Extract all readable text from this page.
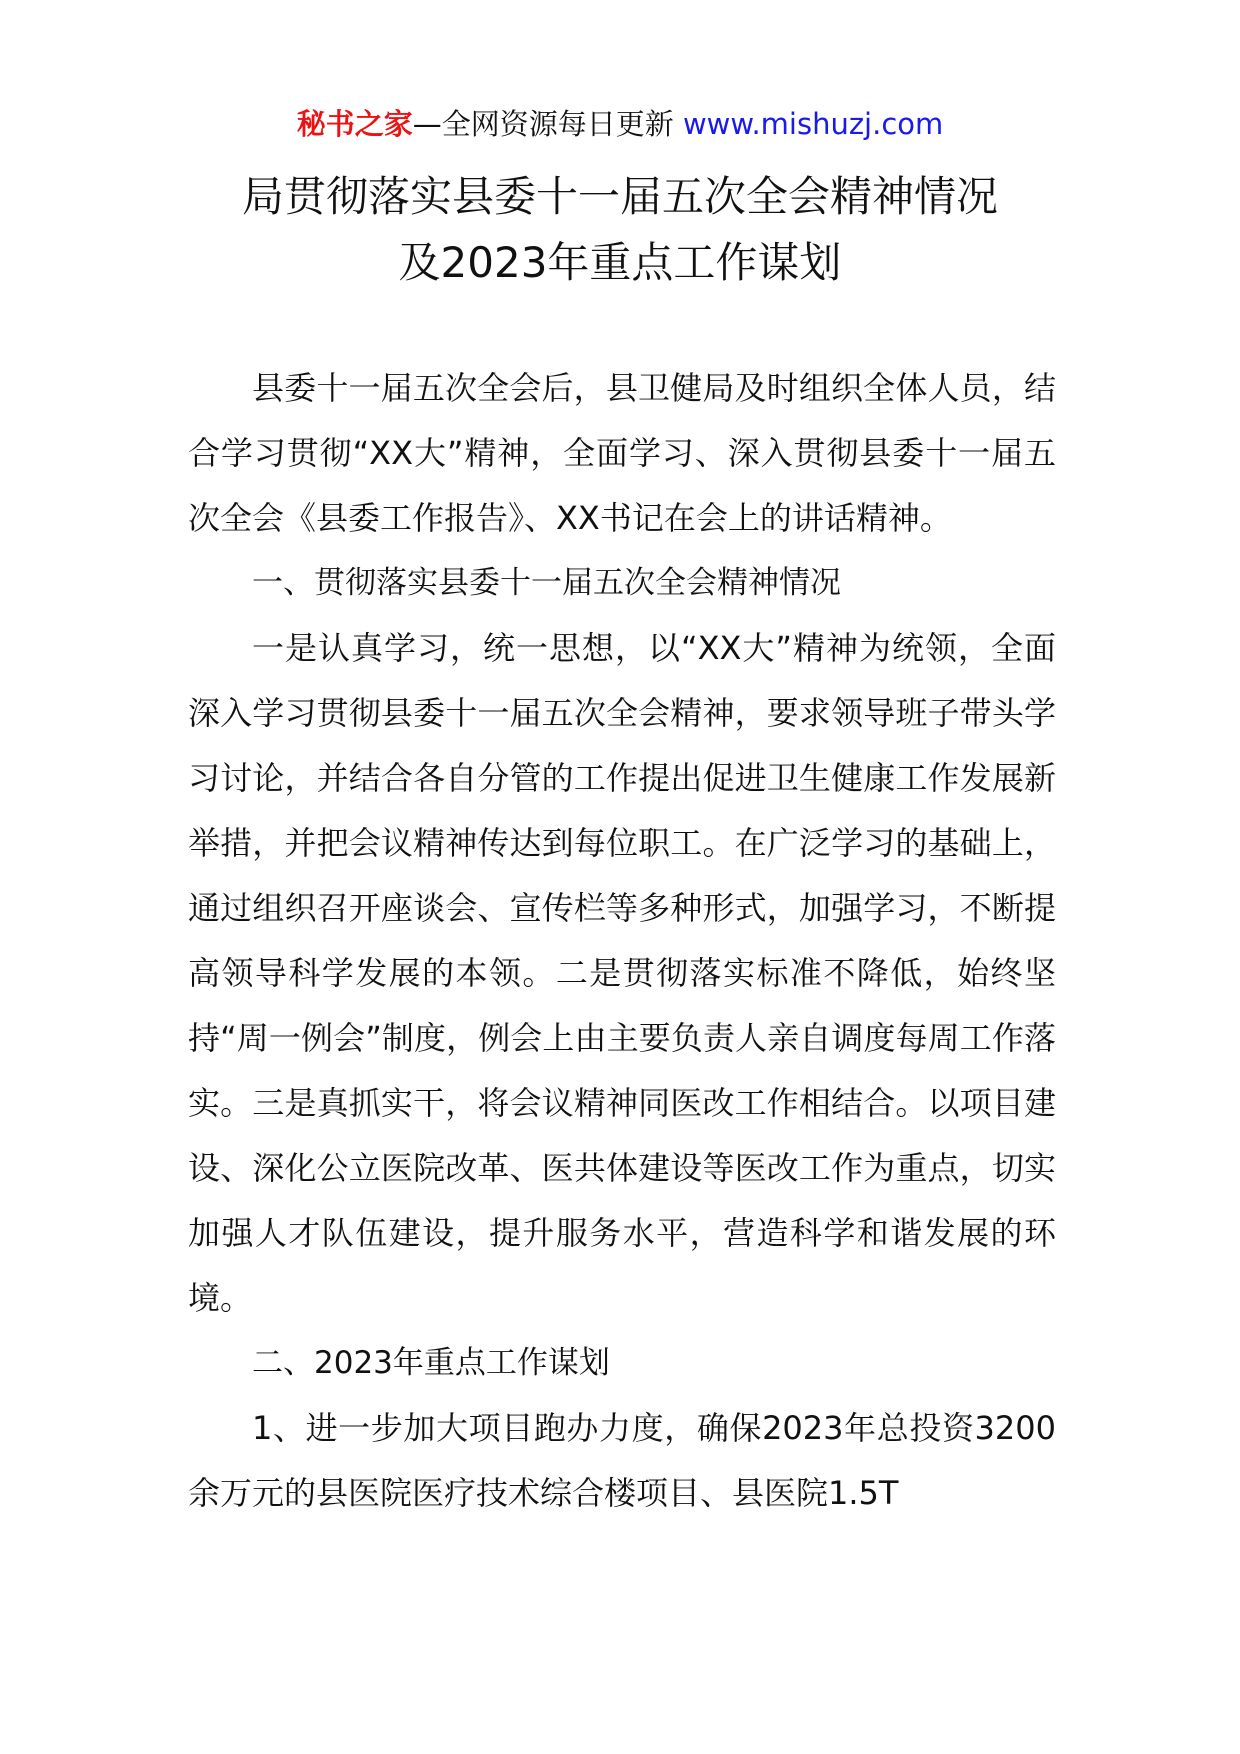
秘书之家—全网资源每日更新 www.mishuzj.com
局贯彻落实县委十一届五次全会精神情况
及2023年重点工作谋划

县委十一届五次全会后，县卫健局及时组织全体人员，结合学习贯彻“XX大”精神，全面学习、深入贯彻县委十一届五次全会《县委工作报告》、XX书记在会上的讲话精神。

一、贯彻落实县委十一届五次全会精神情况

一是认真学习，统一思想，以“XX大”精神为统领，全面深入学习贯彻县委十一届五次全会精神，要求领导班子带头学习讨论，并结合各自分管的工作提出促进卫生健康工作发展新举措，并把会议精神传达到每位职工。在广泛学习的基础上，通过组织召开座谈会、宣传栏等多种形式，加强学习，不断提高领导科学发展的本领。二是贯彻落实标准不降低，始终坚持“周一例会”制度，例会上由主要负责人亲自调度每周工作落实。三是真抓实干，将会议精神同医改工作相结合。以项目建设、深化公立医院改革、医共体建设等医改工作为重点，切实加强人才队伍建设，提升服务水平，营造科学和谐发展的环境。

二、2023年重点工作谋划

1、进一步加大项目跑办力度，确保2023年总投资3200余万元的县医院医疗技术综合楼项目、县医院1.5T
